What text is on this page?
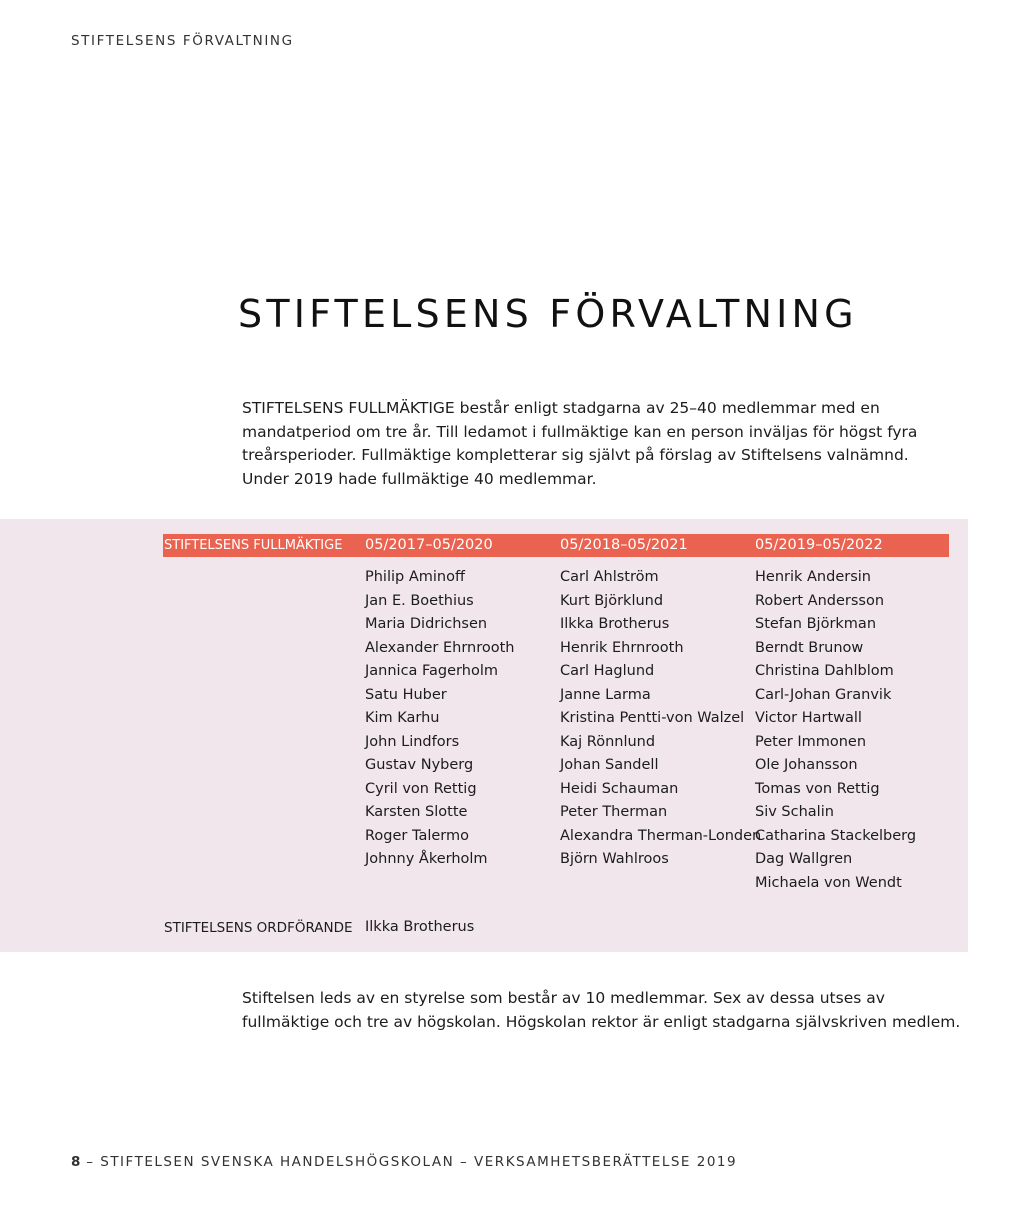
STIFTELSENS FÖRVALTNING
STIFTELSENS FÖRVALTNING

STIFTELSENS FULLMÄKTIGE består enligt stadgarna av 25–40 medlemmar med en mandatperiod om tre år. Till ledamot i fullmäktige kan en person inväljas för högst fyra treårsperioder. Fullmäktige kompletterar sig självt på förslag av Stiftelsens valnämnd. Under 2019 hade fullmäktige 40 medlemmar.

STIFTELSENS FULLMÄKTIGE 05/2017–05/2020	05/2018–05/2021	05/2019–05/2022
Philip Aminoff
Jan E. Boethius
Maria Didrichsen
Alexander Ehrnrooth
Jannica Fagerholm
Satu Huber
Kim Karhu
John Lindfors
Gustav Nyberg
Cyril von Rettig
Karsten Slotte
Roger Talermo
Johnny Åkerholm
Carl Ahlström
Kurt Björklund
Ilkka Brotherus
Henrik Ehrnrooth
Carl Haglund
Janne Larma
Kristina Pentti-von Walzel
Kaj Rönnlund
Johan Sandell
Heidi Schauman
Peter Therman
Alexandra Therman-Londen
Björn Wahlroos
Henrik Andersin
Robert Andersson
Stefan Björkman
Berndt Brunow
Christina Dahlblom
Carl-Johan Granvik
Victor Hartwall
Peter Immonen
Ole Johansson
Tomas von Rettig
Siv Schalin
Catharina Stackelberg
Dag Wallgren
Michaela von Wendt
STIFTELSENS ORDFÖRANDE Ilkka Brotherus

Stiftelsen leds av en styrelse som består av 10 medlemmar. Sex av dessa utses av fullmäktige och tre av högskolan. Högskolan rektor är enligt stadgarna självskriven medlem.

8 – STIFTELSEN SVENSKA HANDELSHÖGSKOLAN – VERKSAMHETSBERÄTTELSE 2019
